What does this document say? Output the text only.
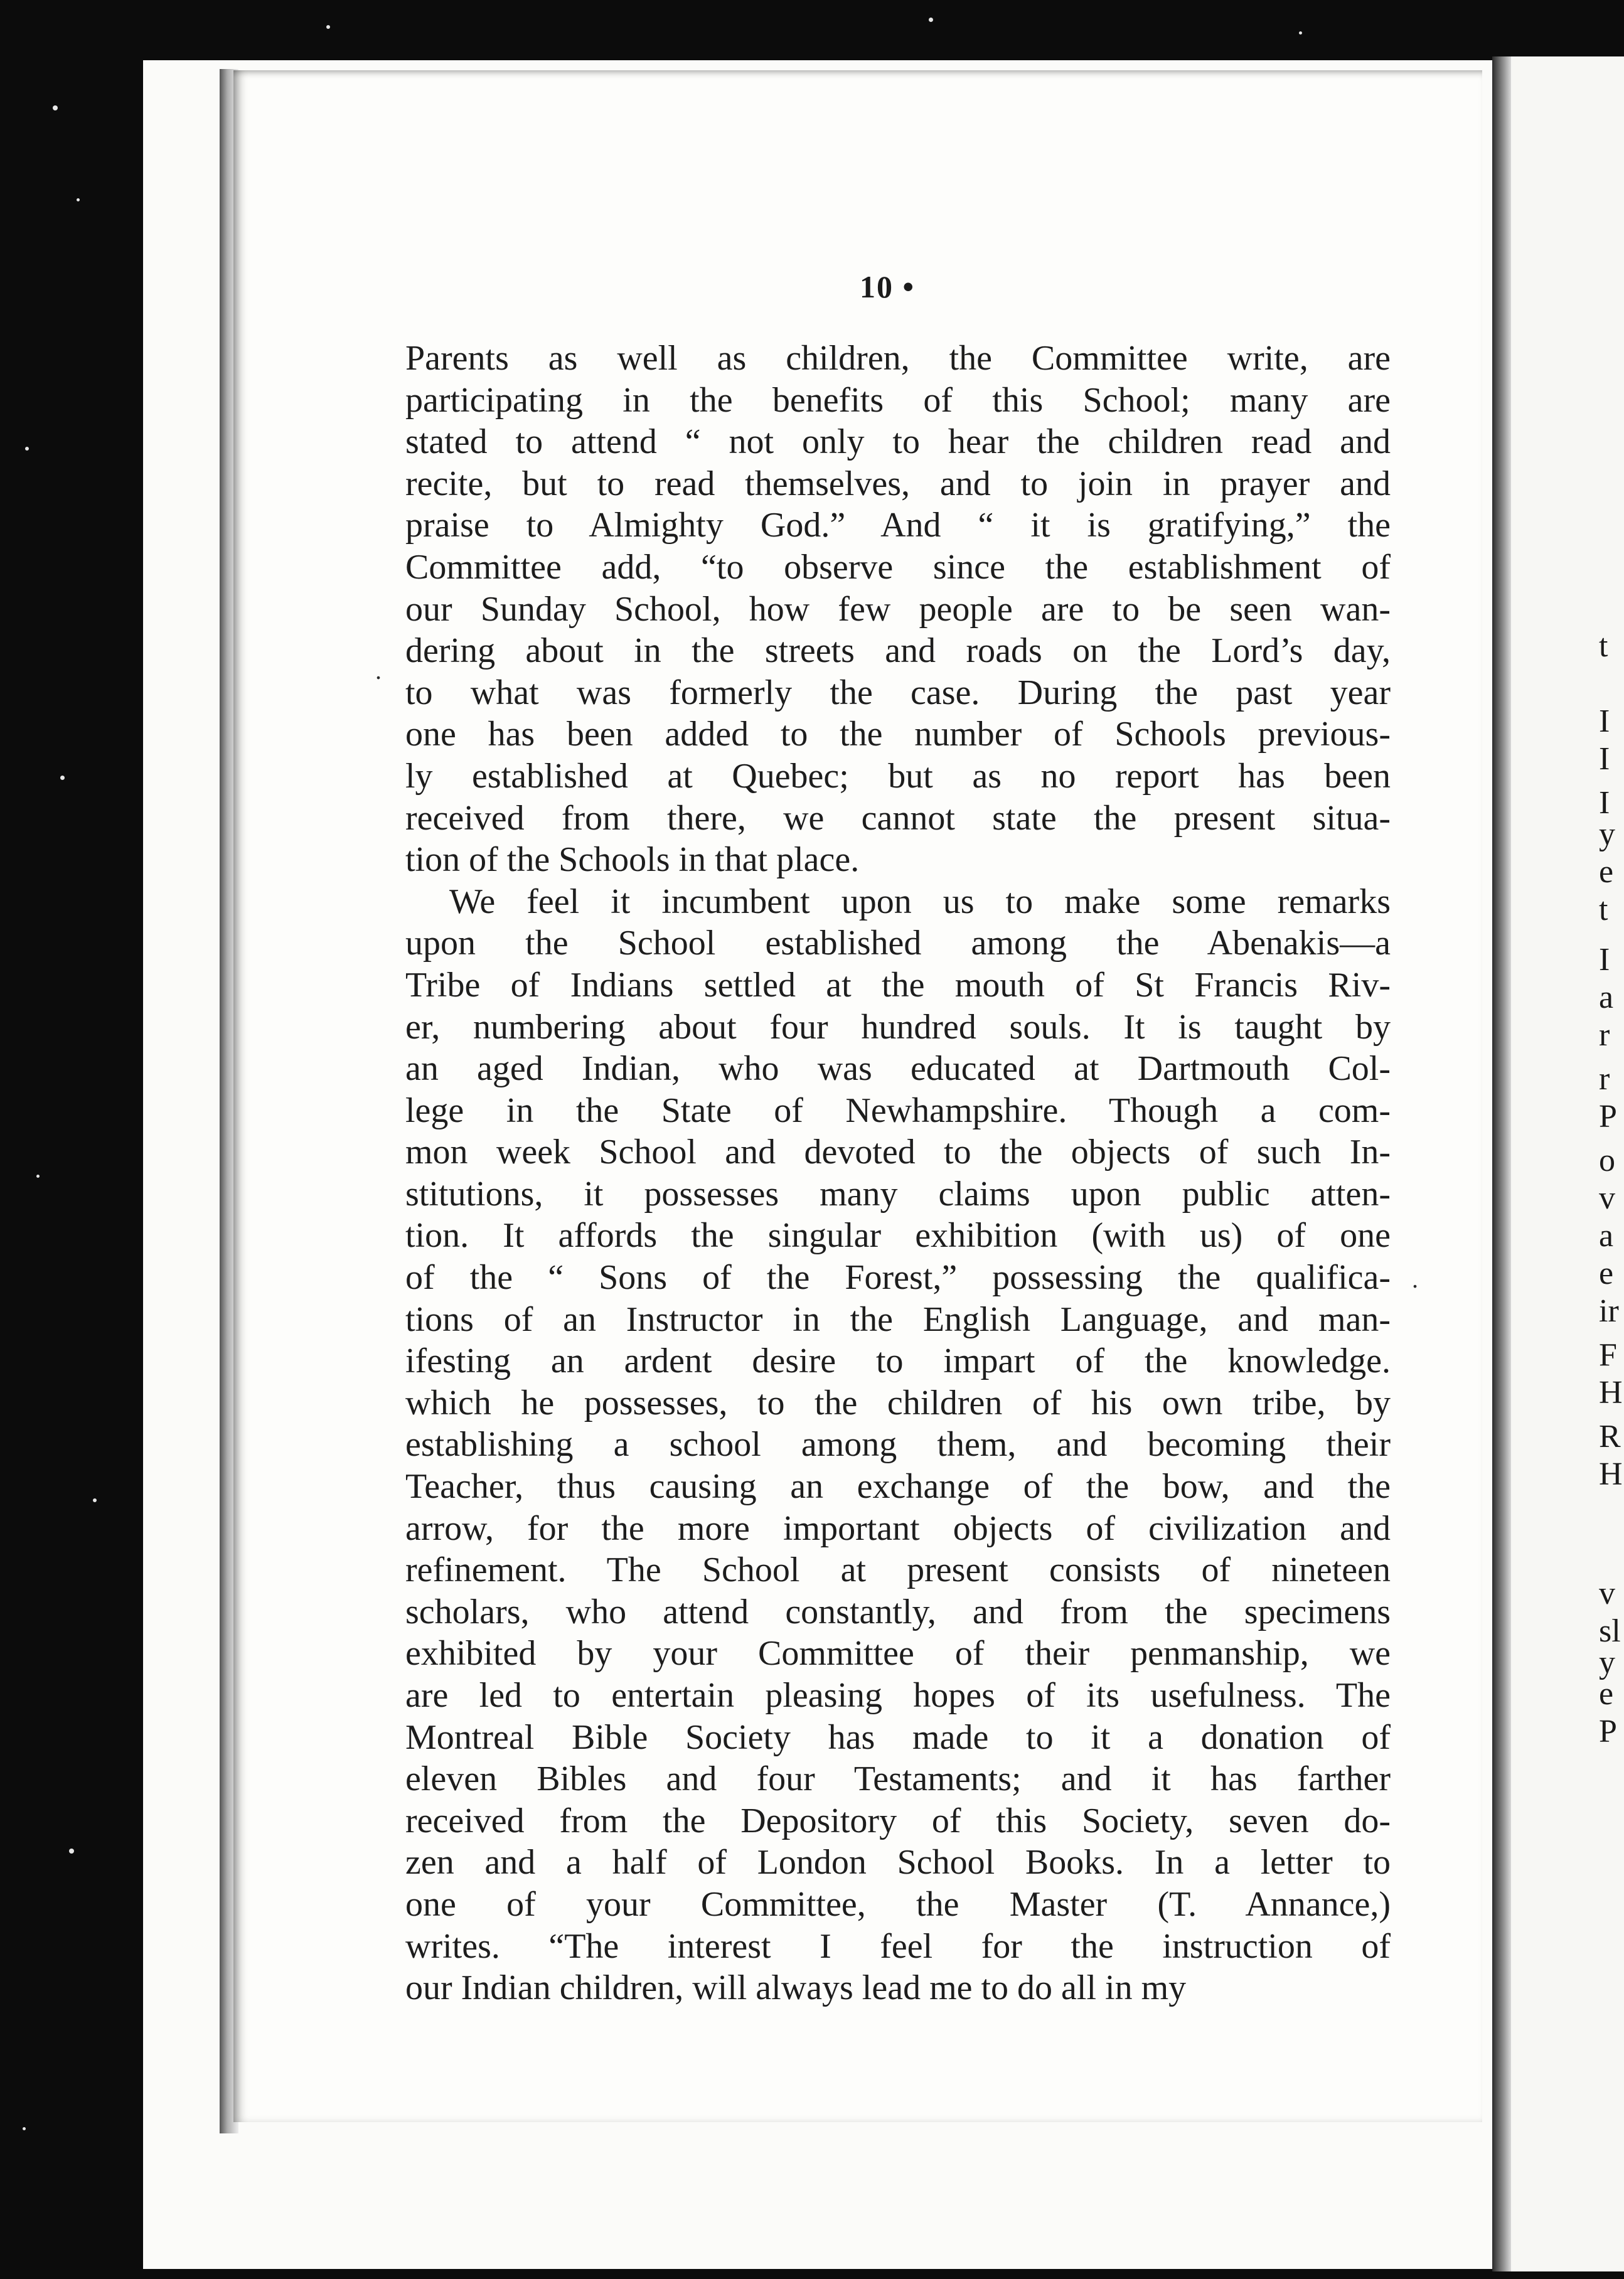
10 •
Parents as well as children, the Committee write, are
participating in the benefits of this School; many are
stated to attend “ not only to hear the children read and
recite, but to read themselves, and to join in prayer and
praise to Almighty God.” And “ it is gratifying,” the
Committee add, “to observe since the establishment of
our Sunday School, how few people are to be seen wan-
dering about in the streets and roads on the Lord’s day,
to what was formerly the case. During the past year
one has been added to the number of Schools previous-
ly established at Quebec; but as no report has been
received from there, we cannot state the present situa-
tion of the Schools in that place.
We feel it incumbent upon us to make some remarks
upon the School established among the Abenakis—a
Tribe of Indians settled at the mouth of St Francis Riv-
er, numbering about four hundred souls. It is taught by
an aged Indian, who was educated at Dartmouth Col-
lege in the State of Newhampshire. Though a com-
mon week School and devoted to the objects of such In-
stitutions, it possesses many claims upon public atten-
tion. It affords the singular exhibition (with us) of one
of the “ Sons of the Forest,” possessing the qualifica-
tions of an Instructor in the English Language, and man-
ifesting an ardent desire to impart of the knowledge.
which he possesses, to the children of his own tribe, by
establishing a school among them, and becoming their
Teacher, thus causing an exchange of the bow, and the
arrow, for the more important objects of civilization and
refinement. The School at present consists of nineteen
scholars, who attend constantly, and from the specimens
exhibited by your Committee of their penmanship, we
are led to entertain pleasing hopes of its usefulness. The
Montreal Bible Society has made to it a donation of
eleven Bibles and four Testaments; and it has farther
received from the Depository of this Society, seven do-
zen and a half of London School Books. In a letter to
one of your Committee, the Master (T. Annance,)
writes. “The interest I feel for the instruction of
our Indian children, will always lead me to do all in my
t
I
I
I
y
e
t
I
a
r
r
P
o
v
a
e
ir
F
H
R
H
v
sl
y
e
P
.
.
